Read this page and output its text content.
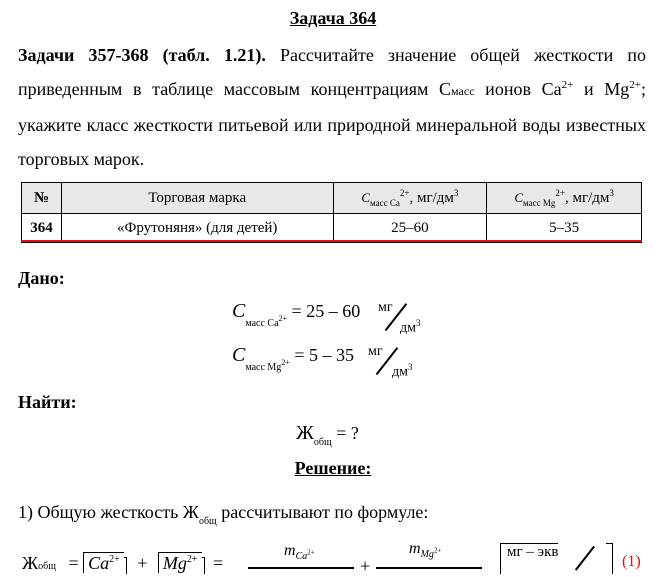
Задача 364
Задачи 357-368 (табл. 1.21). Рассчитайте значение общей жесткости по приведенным в таблице массовым концентрациям Смасс ионов $Ca^{2+}$ и $Mg^{2+}$; укажите класс жесткости питьевой или природной минеральной воды известных торговых марок.
№	Торговая марка	$C_{масс Ca}^{2+}$, $мг/дм^3$	$C_{масс Mg}^{2+}$, $мг/дм^3$
364	«Фрутоняня» (для детей)	25–60	5–35
Дано:
$C_{масс Ca2+} = 25 - 60$ мг
$дм^3$
$C_{масс Mg2+} = 5 - 35$ мг
$дм^3$
Найти:
$Ж_{общ}$ = ?
Решение:
1) Общую жесткость $Ж_{общ}$ рассчитывают по формуле:
Жобщ = $Ca^{2+} + Mg^{2+}$ =
$m_{Ca^{2+}}$
+
$m_{Mg^{2+}}$	мг – экв
(1)
